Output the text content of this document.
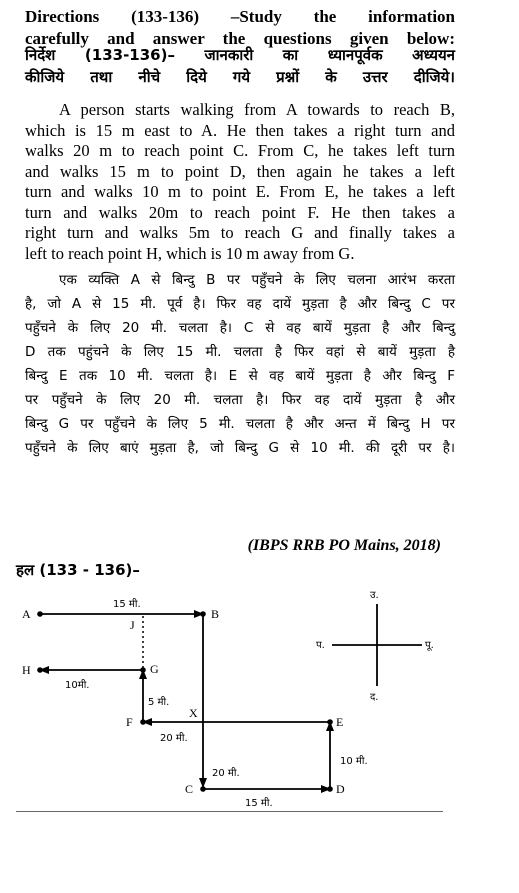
Directions (133-136) –Study the information
carefully and answer the questions given below:
निर्देश (133-136)– जानकारी का ध्यानपूर्वक अध्ययन
कीजिये तथा नीचे दिये गये प्रश्नों के उत्तर दीजिये।
A person starts walking from A towards to reach B,
which is 15 m east to A. He then takes a right turn and
walks 20 m to reach point C. From C, he takes left turn
and walks 15 m to point D, then again he takes a left
turn and walks 10 m to point E. From E, he takes a left
turn and walks 20m to reach point F. He then takes a
right turn and walks 5m to reach G and finally takes a
left to reach point H, which is 10 m away from G.
एक व्यक्ति A से बिन्दु B पर पहुँचने के लिए चलना आरंभ करता
है, जो A से 15 मी. पूर्व है। फिर वह दायें मुड़ता है और बिन्दु C पर
पहुँचने के लिए 20 मी. चलता है। C से वह बायें मुड़ता है और बिन्दु
D तक पहुंचने के लिए 15 मी. चलता है फिर वहां से बायें मुड़ता है
बिन्दु E तक 10 मी. चलता है। E से वह बायें मुड़ता है और बिन्दु F
पर पहुँचने के लिए 20 मी. चलता है। फिर वह दायें मुड़ता है और
बिन्दु G पर पहुँचने के लिए 5 मी. चलता है और अन्त में बिन्दु H पर
पहुँचने के लिए बाएं मुड़ता है, जो बिन्दु G से 10 मी. की दूरी पर है।
(IBPS RRB PO Mains, 2018)
हल (133 - 136)–
A	B
C	D
E
F
G
H
J
X
15 मी.
10मी.
5 मी.
20 मी.
20 मी.
15 मी.
10 मी.
उ.
द.
प.	पू.
